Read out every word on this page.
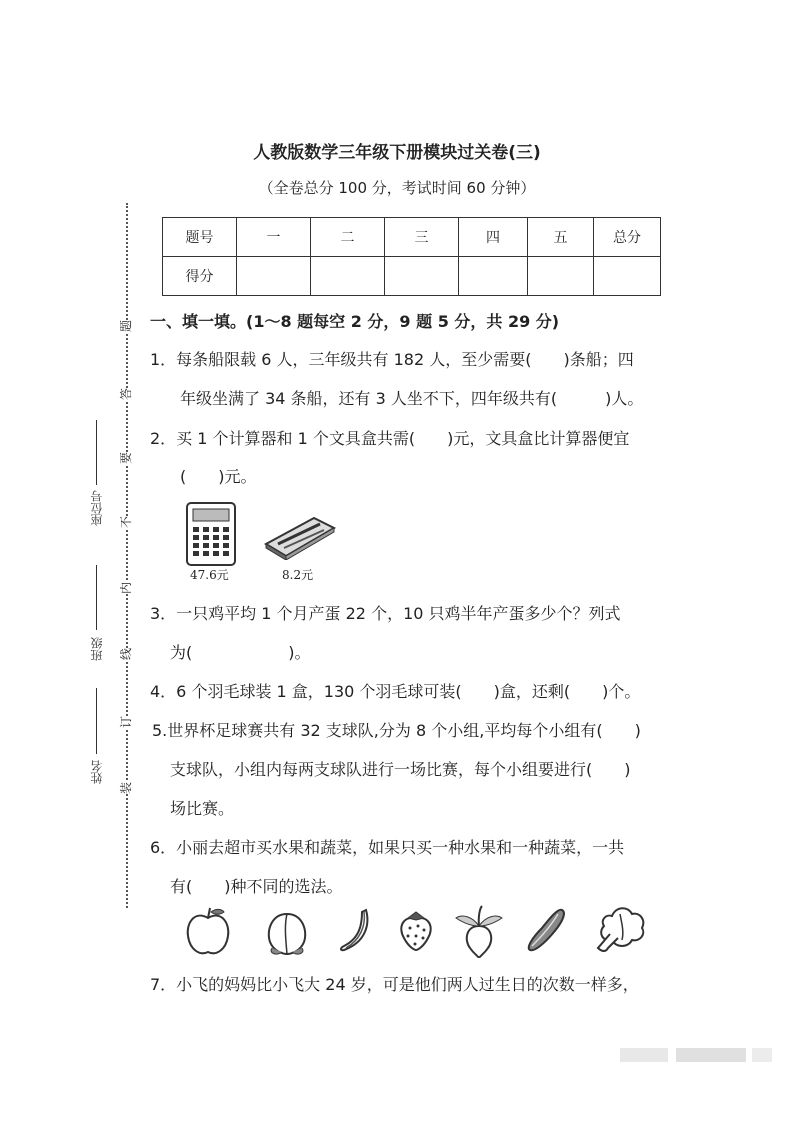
人教版数学三年级下册模块过关卷(三)
（全卷总分 100 分，考试时间 60 分钟）
题号	一	二	三	四	五	总分
得分						
题
答
要
不
内
线
订
装
座位号
班级
姓名
一、填一填。(1～8 题每空 2 分，9 题 5 分，共 29 分)
1．每条船限载 6 人，三年级共有 182 人，至少需要(　　)条船；四
年级坐满了 34 条船，还有 3 人坐不下，四年级共有(　　　)人。
2．买 1 个计算器和 1 个文具盒共需(　　)元，文具盒比计算器便宜
(　　)元。
47.6元	8.2元
3．一只鸡平均 1 个月产蛋 22 个，10 只鸡半年产蛋多少个？列式
为(　　　　　　)。
4．6 个羽毛球装 1 盒，130 个羽毛球可装(　　)盒，还剩(　　)个。
5.世界杯足球赛共有 32 支球队,分为 8 个小组,平均每个小组有(　　)
支球队，小组内每两支球队进行一场比赛，每个小组要进行(　　)
场比赛。
6．小丽去超市买水果和蔬菜，如果只买一种水果和一种蔬菜，一共
有(　　)种不同的选法。
7．小飞的妈妈比小飞大 24 岁，可是他们两人过生日的次数一样多，
